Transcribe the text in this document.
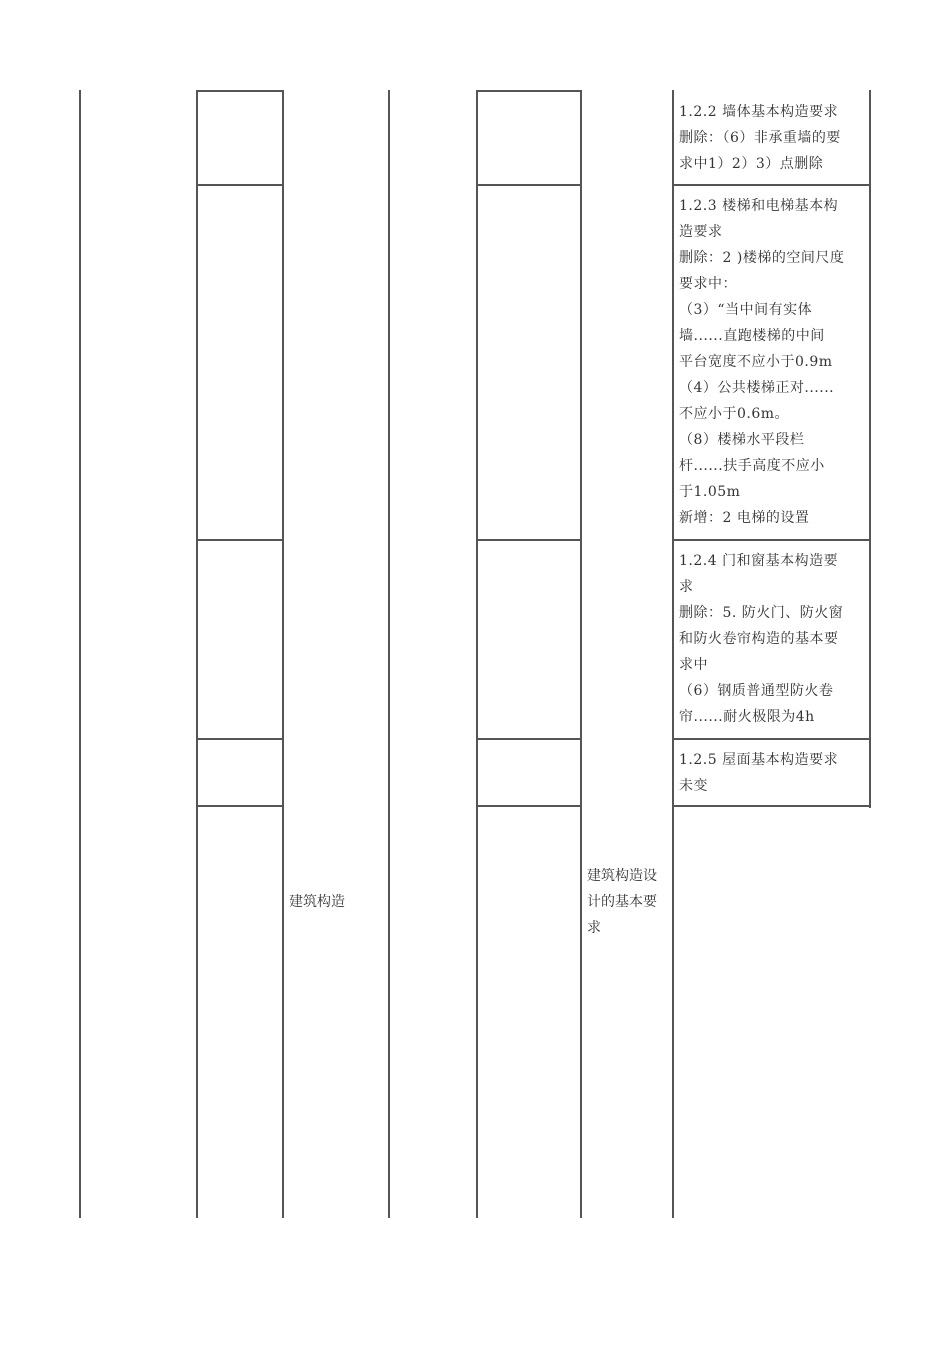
建筑构造
建筑构造设
计的基本要
求
1.2.2 墙体基本构造要求
删除：（6）非承重墙的要
求中1）2）3）点删除
1.2.3 楼梯和电梯基本构
造要求
删除：2 )楼梯的空间尺度
要求中：
（3）“当中间有实体
墙......直跑楼梯的中间
平台宽度不应小于0.9m
（4）公共楼梯正对......
不应小于0.6m。
（8）楼梯水平段栏
杆......扶手高度不应小
于1.05m
新增：2 电梯的设置
1.2.4 门和窗基本构造要
求
删除：5. 防火门、防火窗
和防火卷帘构造的基本要
求中
（6）钢质普通型防火卷
帘......耐火极限为4h
1.2.5 屋面基本构造要求
未变
